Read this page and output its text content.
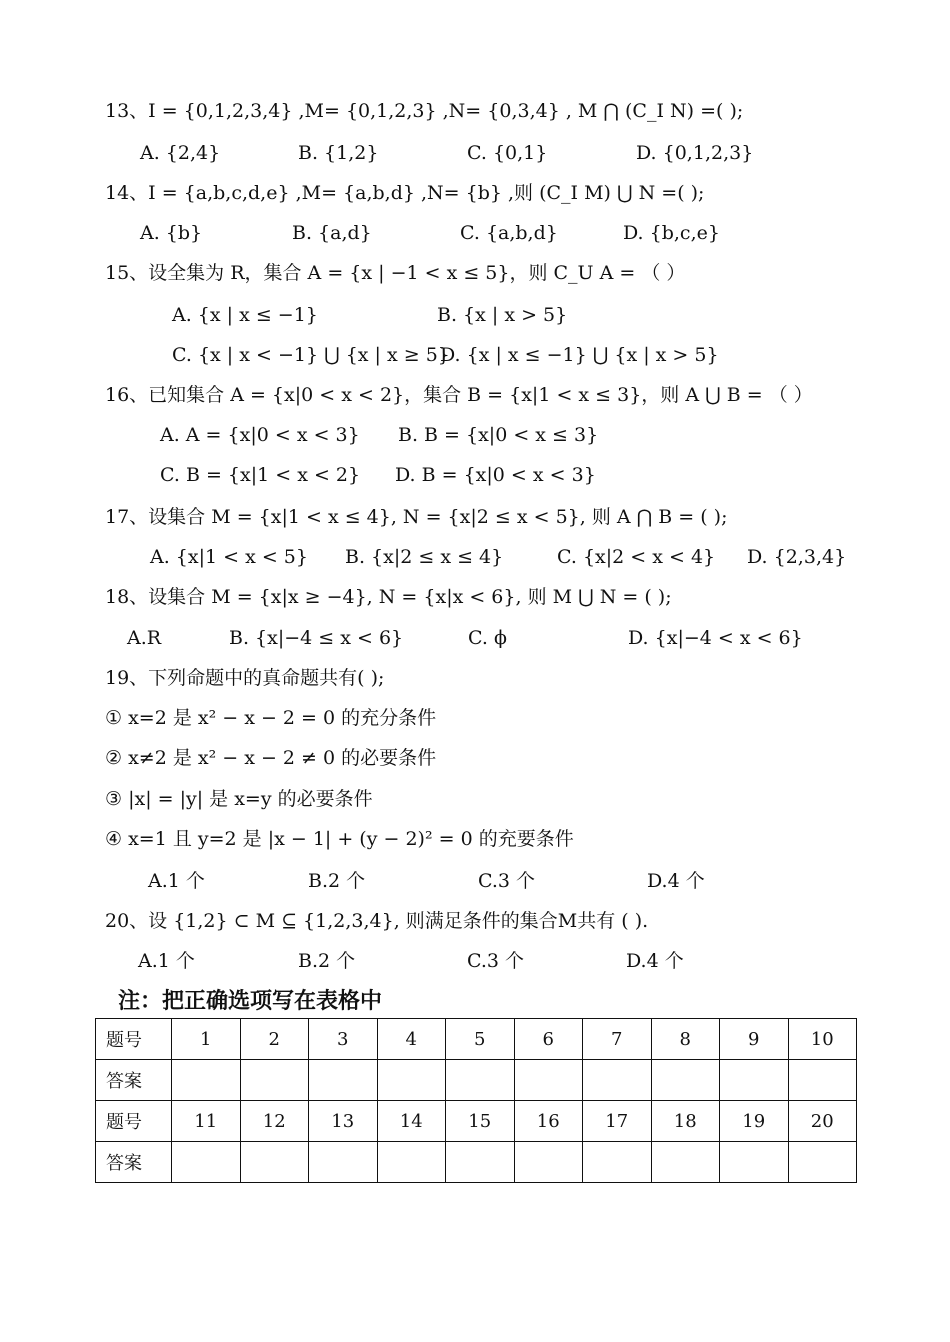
13、I = {0,1,2,3,4} ,M= {0,1,2,3} ,N= {0,3,4} , M ⋂ (C_I N) =( );
A. {2,4}	B. {1,2}	C. {0,1}	D. {0,1,2,3}
14、I = {a,b,c,d,e} ,M= {a,b,d} ,N= {b} ,则 (C_I M) ⋃ N =( );
A. {b}	B. {a,d}	C. {a,b,d}	D. {b,c,e}
15、设全集为 R，集合 A = {x | −1 < x ≤ 5}，则 C_U A = （ ）
A. {x | x ≤ −1}	B. {x | x > 5}
C. {x | x < −1} ⋃ {x | x ≥ 5}
D. {x | x ≤ −1} ⋃ {x | x > 5}
16、已知集合 A = {x|0 < x < 2}，集合 B = {x|1 < x ≤ 3}，则 A ⋃ B = （ ）
A. A = {x|0 < x < 3} B. B = {x|0 < x ≤ 3}
C. B = {x|1 < x < 2} D. B = {x|0 < x < 3}
17、设集合 M = {x|1 < x ≤ 4}, N = {x|2 ≤ x < 5}, 则 A ⋂ B = ( );
A. {x|1 < x < 5} B. {x|2 ≤ x ≤ 4}	C. {x|2 < x < 4} D. {2,3,4}
18、设集合 M = {x|x ≥ −4}, N = {x|x < 6}, 则 M ⋃ N = ( );
A.R	B. {x|−4 ≤ x < 6}	C. ϕ	D. {x|−4 < x < 6}
19、下列命题中的真命题共有( );
① x=2 是 x² − x − 2 = 0 的充分条件
② x≠2 是 x² − x − 2 ≠ 0 的必要条件
③ |x| = |y| 是 x=y 的必要条件
④ x=1 且 y=2 是 |x − 1| + (y − 2)² = 0 的充要条件
A.1 个	B.2 个	C.3 个	D.4 个
20、设 {1,2} ⊂ M ⊆ {1,2,3,4}, 则满足条件的集合M共有 ( ).
A.1 个	B.2 个	C.3 个	D.4 个
注：把正确选项写在表格中
题号	1	2	3	4	5	6	7	8	9	10
答案										
题号	11	12	13	14	15	16	17	18	19	20
答案										
